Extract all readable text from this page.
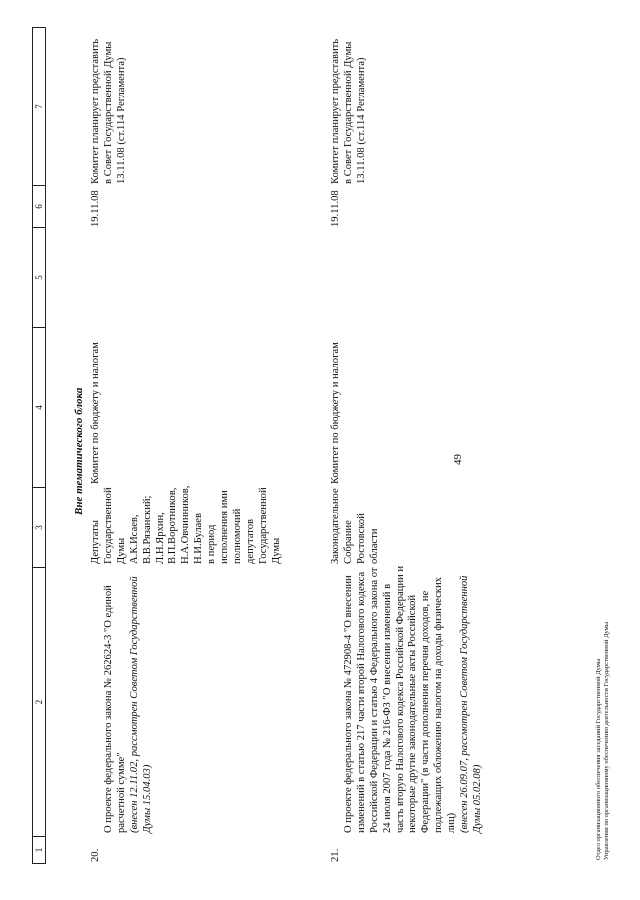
49
1
2
3
4
5
6
7
Вне тематического блока
20.

О проекте федерального закона № 262624-3 "О единой расчетной сумме" (внесен 12.11.02, рассмотрен Советом Государственной Думы 15.04.03)

Депутаты Государственной Думы
А.К.Исаев,
В.В.Рязанский;
Л.Н.Ярхин,
В.П.Воротников,
Н.А.Овчинников,
Н.И.Булаев
в период исполнения ими полномочий депутатов Государственной Думы
Комитет по бюджету и налогам
19.11.08
Комитет планирует представить в Совет Государственной Думы 13.11.08 (ст.114 Регламента)
21.

О проекте федерального закона № 472908-4 "О внесении изменений в статью 217 части второй Налогового кодекса Российской Федерации и статью 4 Федерального закона от 24 июля 2007 года № 216-ФЗ "О внесении изменений в часть вторую Налогового кодекса Российской Федерации и некоторые другие законодательные акты Российской Федерации" (в части дополнения перечня доходов, не подлежащих обложению налогом на доходы физических лиц) (внесен 26.09.07, рассмотрен Советом Государственной Думы 05.02.08)

Законодательное Собрание Ростовской области
Комитет по бюджету и налогам
19.11.08
Комитет планирует представить в Совет Государственной Думы 13.11.08 (ст.114 Регламента)
Отдел организационного обеспечения заседаний Государственной Думы Управления по организационному обеспечению деятельности Государственной Думы
